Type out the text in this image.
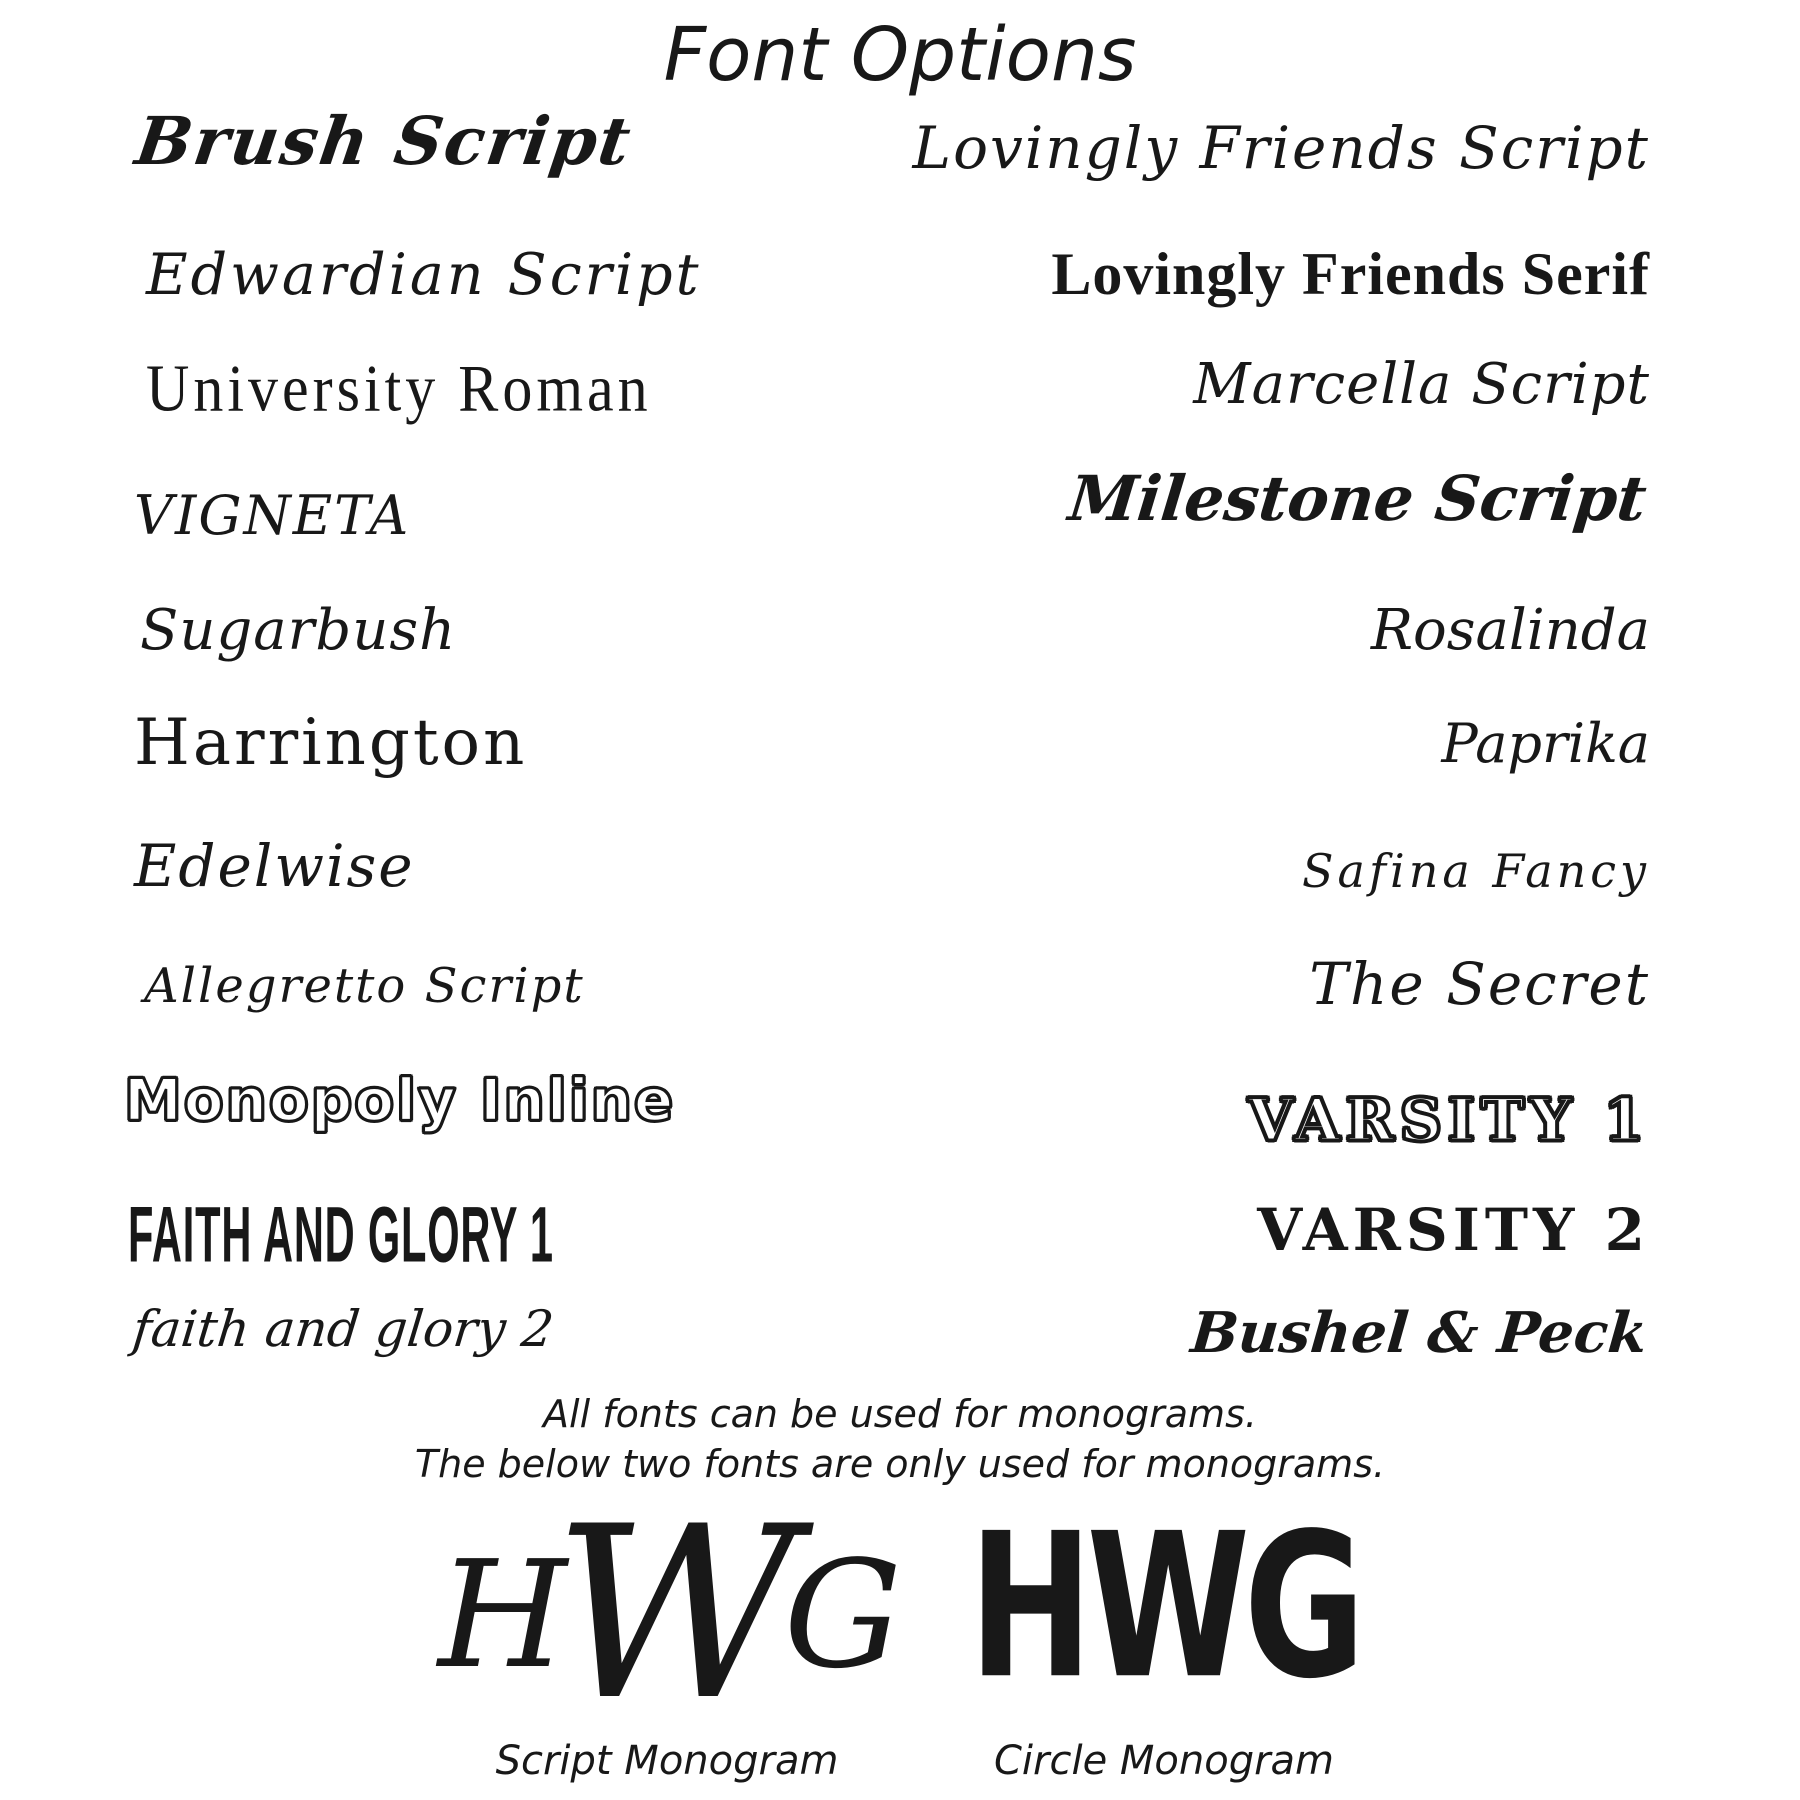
Font Options
Brush Script
Edwardian Script
University Roman
VIGNETA
Sugarbush
Harrington
Edelwise
Allegretto Script
Monopoly Inline
FAITH AND GLORY 1
faith and glory 2
Lovingly Friends Script
Lovingly Friends Serif
Marcella Script
Milestone Script
Rosalinda
Paprika
Safina Fancy
The Secret
VARSITY 1
VARSITY 2
Bushel & Peck
All fonts can be used for monograms.
The below two fonts are only used for monograms.
H
W
G HWG
Script Monogram	Circle Monogram
